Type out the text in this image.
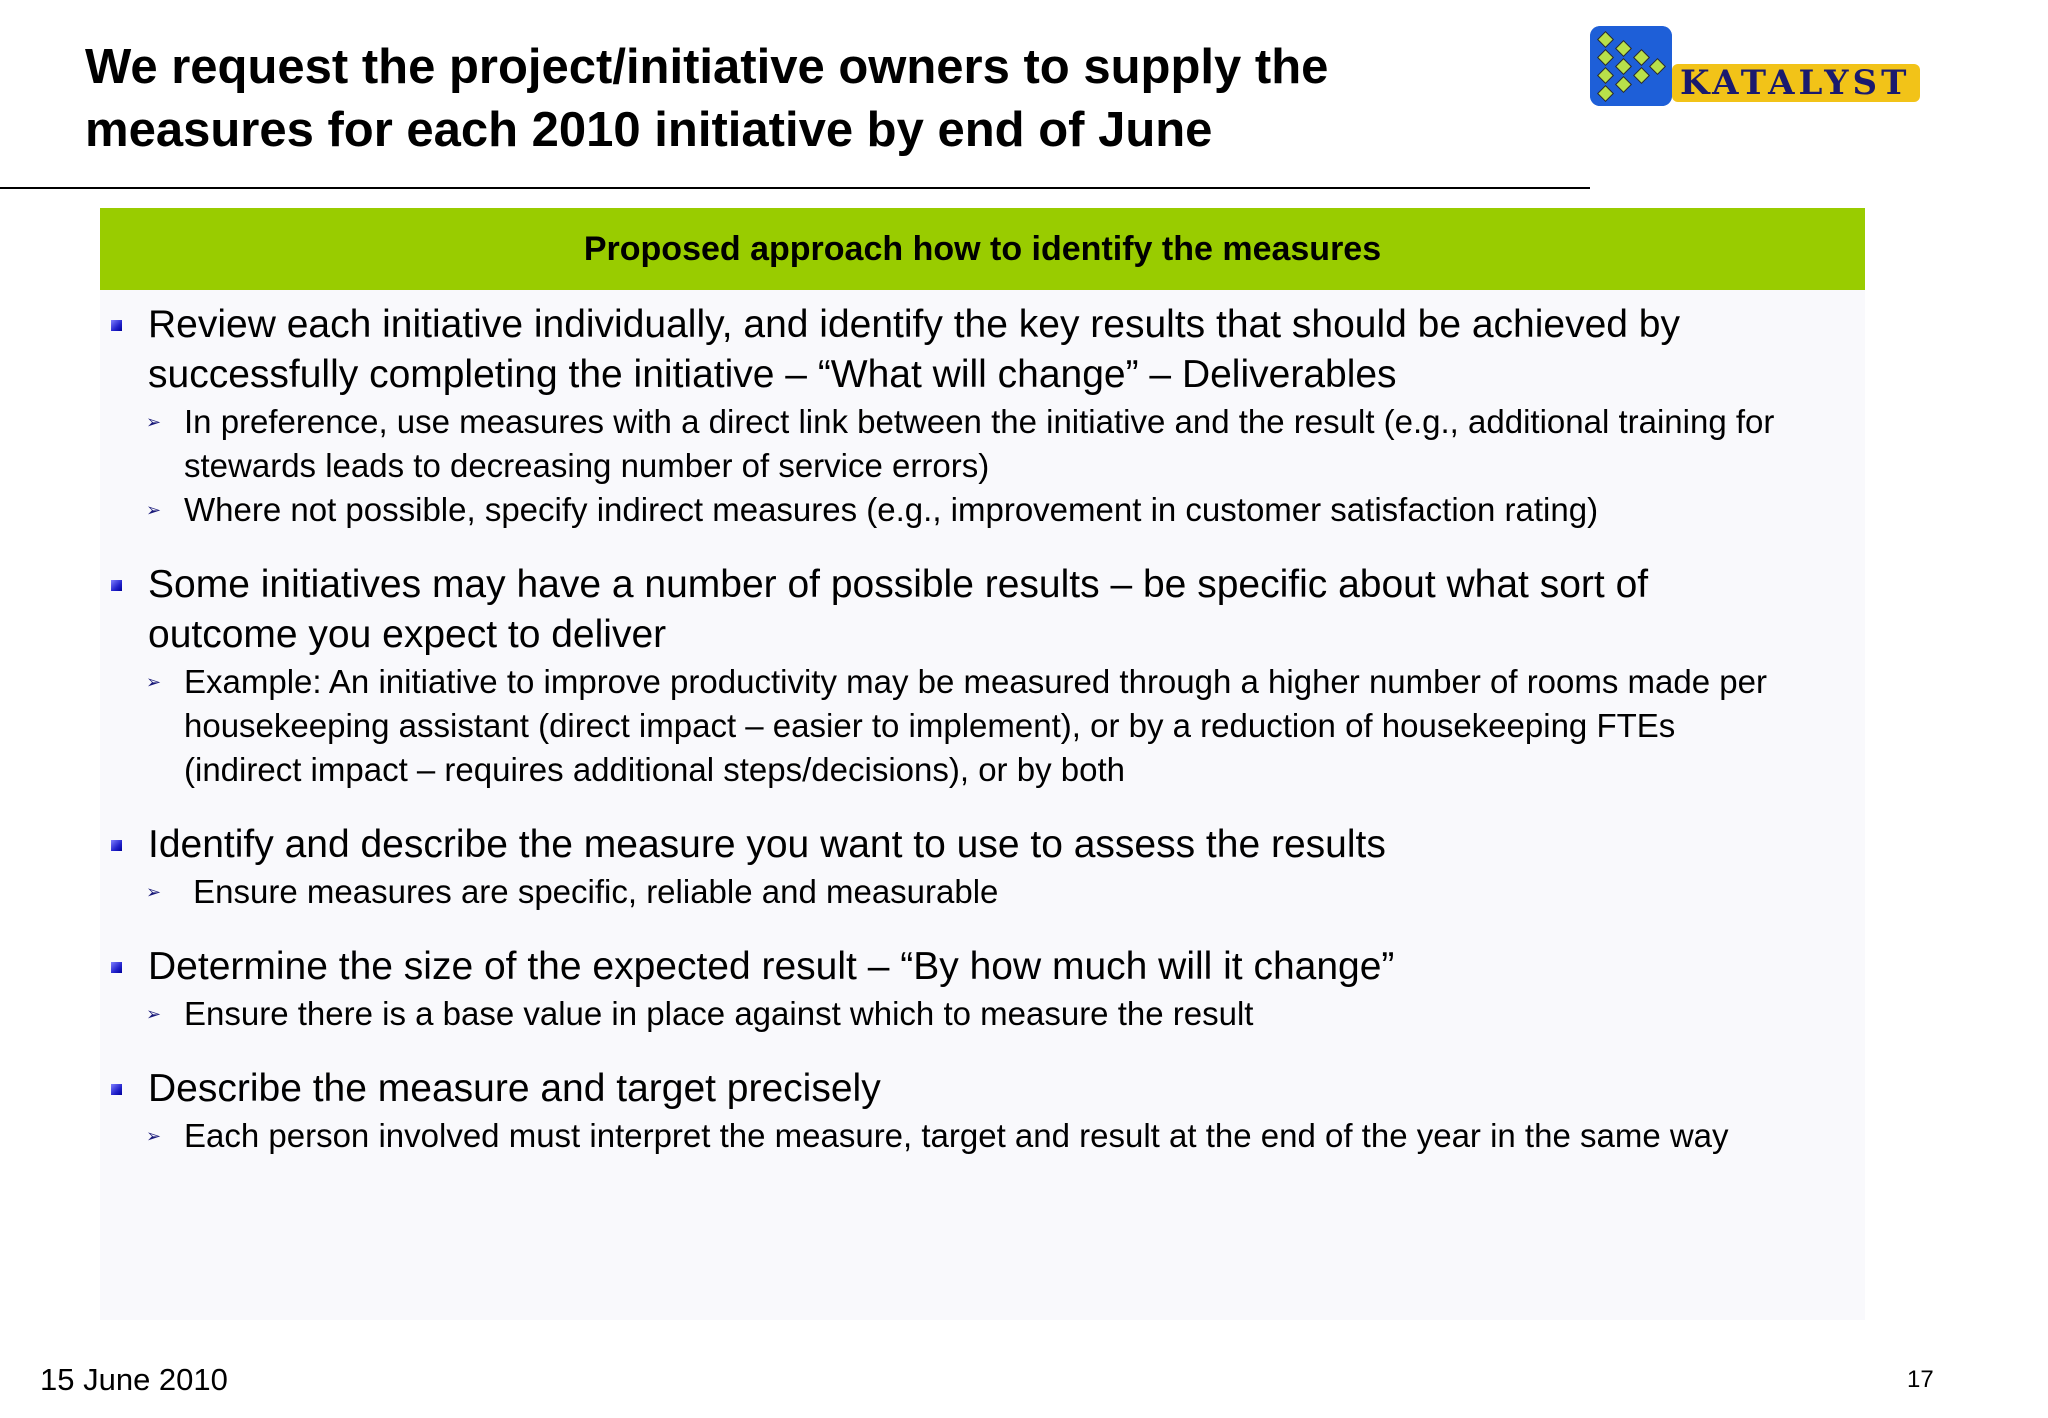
We request the project/initiative owners to supply the
measures for each 2010 initiative by end of June
KATALYST
Proposed approach how to identify the measures
Review each initiative individually, and identify the key results that should be achieved by successfully completing the initiative – “What will change” – Deliverables
➢ In preference, use measures with a direct link between the initiative and the result (e.g., additional training for stewards leads to decreasing number of service errors)
➢ Where not possible, specify indirect measures (e.g., improvement in customer satisfaction rating)
Some initiatives may have a number of possible results – be specific about what sort of outcome you expect to deliver
➢ Example: An initiative to improve productivity may be measured through a higher number of rooms made per housekeeping assistant (direct impact – easier to implement), or by a reduction of housekeeping FTEs (indirect impact – requires additional steps/decisions), or by both
Identify and describe the measure you want to use to assess the results
➢ Ensure measures are specific, reliable and measurable
Determine the size of the expected result – “By how much will it change”
➢ Ensure there is a base value in place against which to measure the result
Describe the measure and target precisely
➢ Each person involved must interpret the measure, target and result at the end of the year in the same way
15 June 2010	17
